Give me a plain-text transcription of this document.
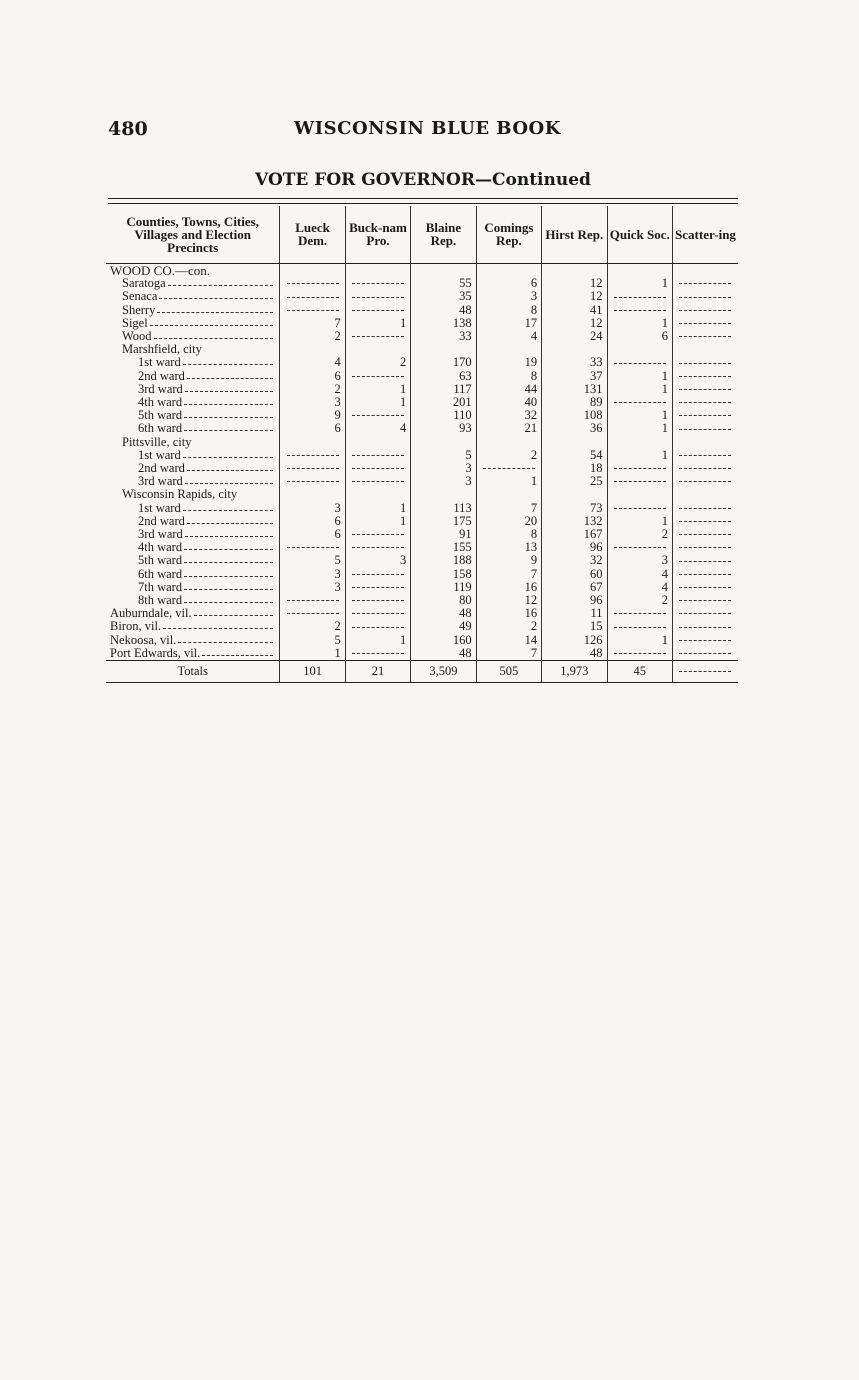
480	WISCONSIN BLUE BOOK
VOTE FOR GOVERNOR—Continued
Counties, Towns, Cities, Villages and Election Precincts	Lueck Dem.	Buck-nam Pro.	Blaine Rep.	Comings Rep.	Hirst Rep.	Quick Soc.	Scatter-ing
WOOD CO.—con.							
Saratoga			55	6	12	1	
Senaca			35	3	12		
Sherry			48	8	41		
Sigel	7	1	138	17	12	1	
Wood	2		33	4	24	6	
Marshfield, city							
1st ward	4	2	170	19	33		
2nd ward	6		63	8	37	1	
3rd ward	2	1	117	44	131	1	
4th ward	3	1	201	40	89		
5th ward	9		110	32	108	1	
6th ward	6	4	93	21	36	1	
Pittsville, city							
1st ward			5	2	54	1	
2nd ward			3		18		
3rd ward			3	1	25		
Wisconsin Rapids, city							
1st ward	3	1	113	7	73		
2nd ward	6	1	175	20	132	1	
3rd ward	6		91	8	167	2	
4th ward			155	13	96		
5th ward	5	3	188	9	32	3	
6th ward	3		158	7	60	4	
7th ward	3		119	16	67	4	
8th ward			80	12	96	2	
Auburndale, vil.			48	16	11		
Biron, vil.	2		49	2	15		
Nekoosa, vil.	5	1	160	14	126	1	
Port Edwards, vil.	1		48	7	48		
Totals	101	21	3,509	505	1,973	45	
